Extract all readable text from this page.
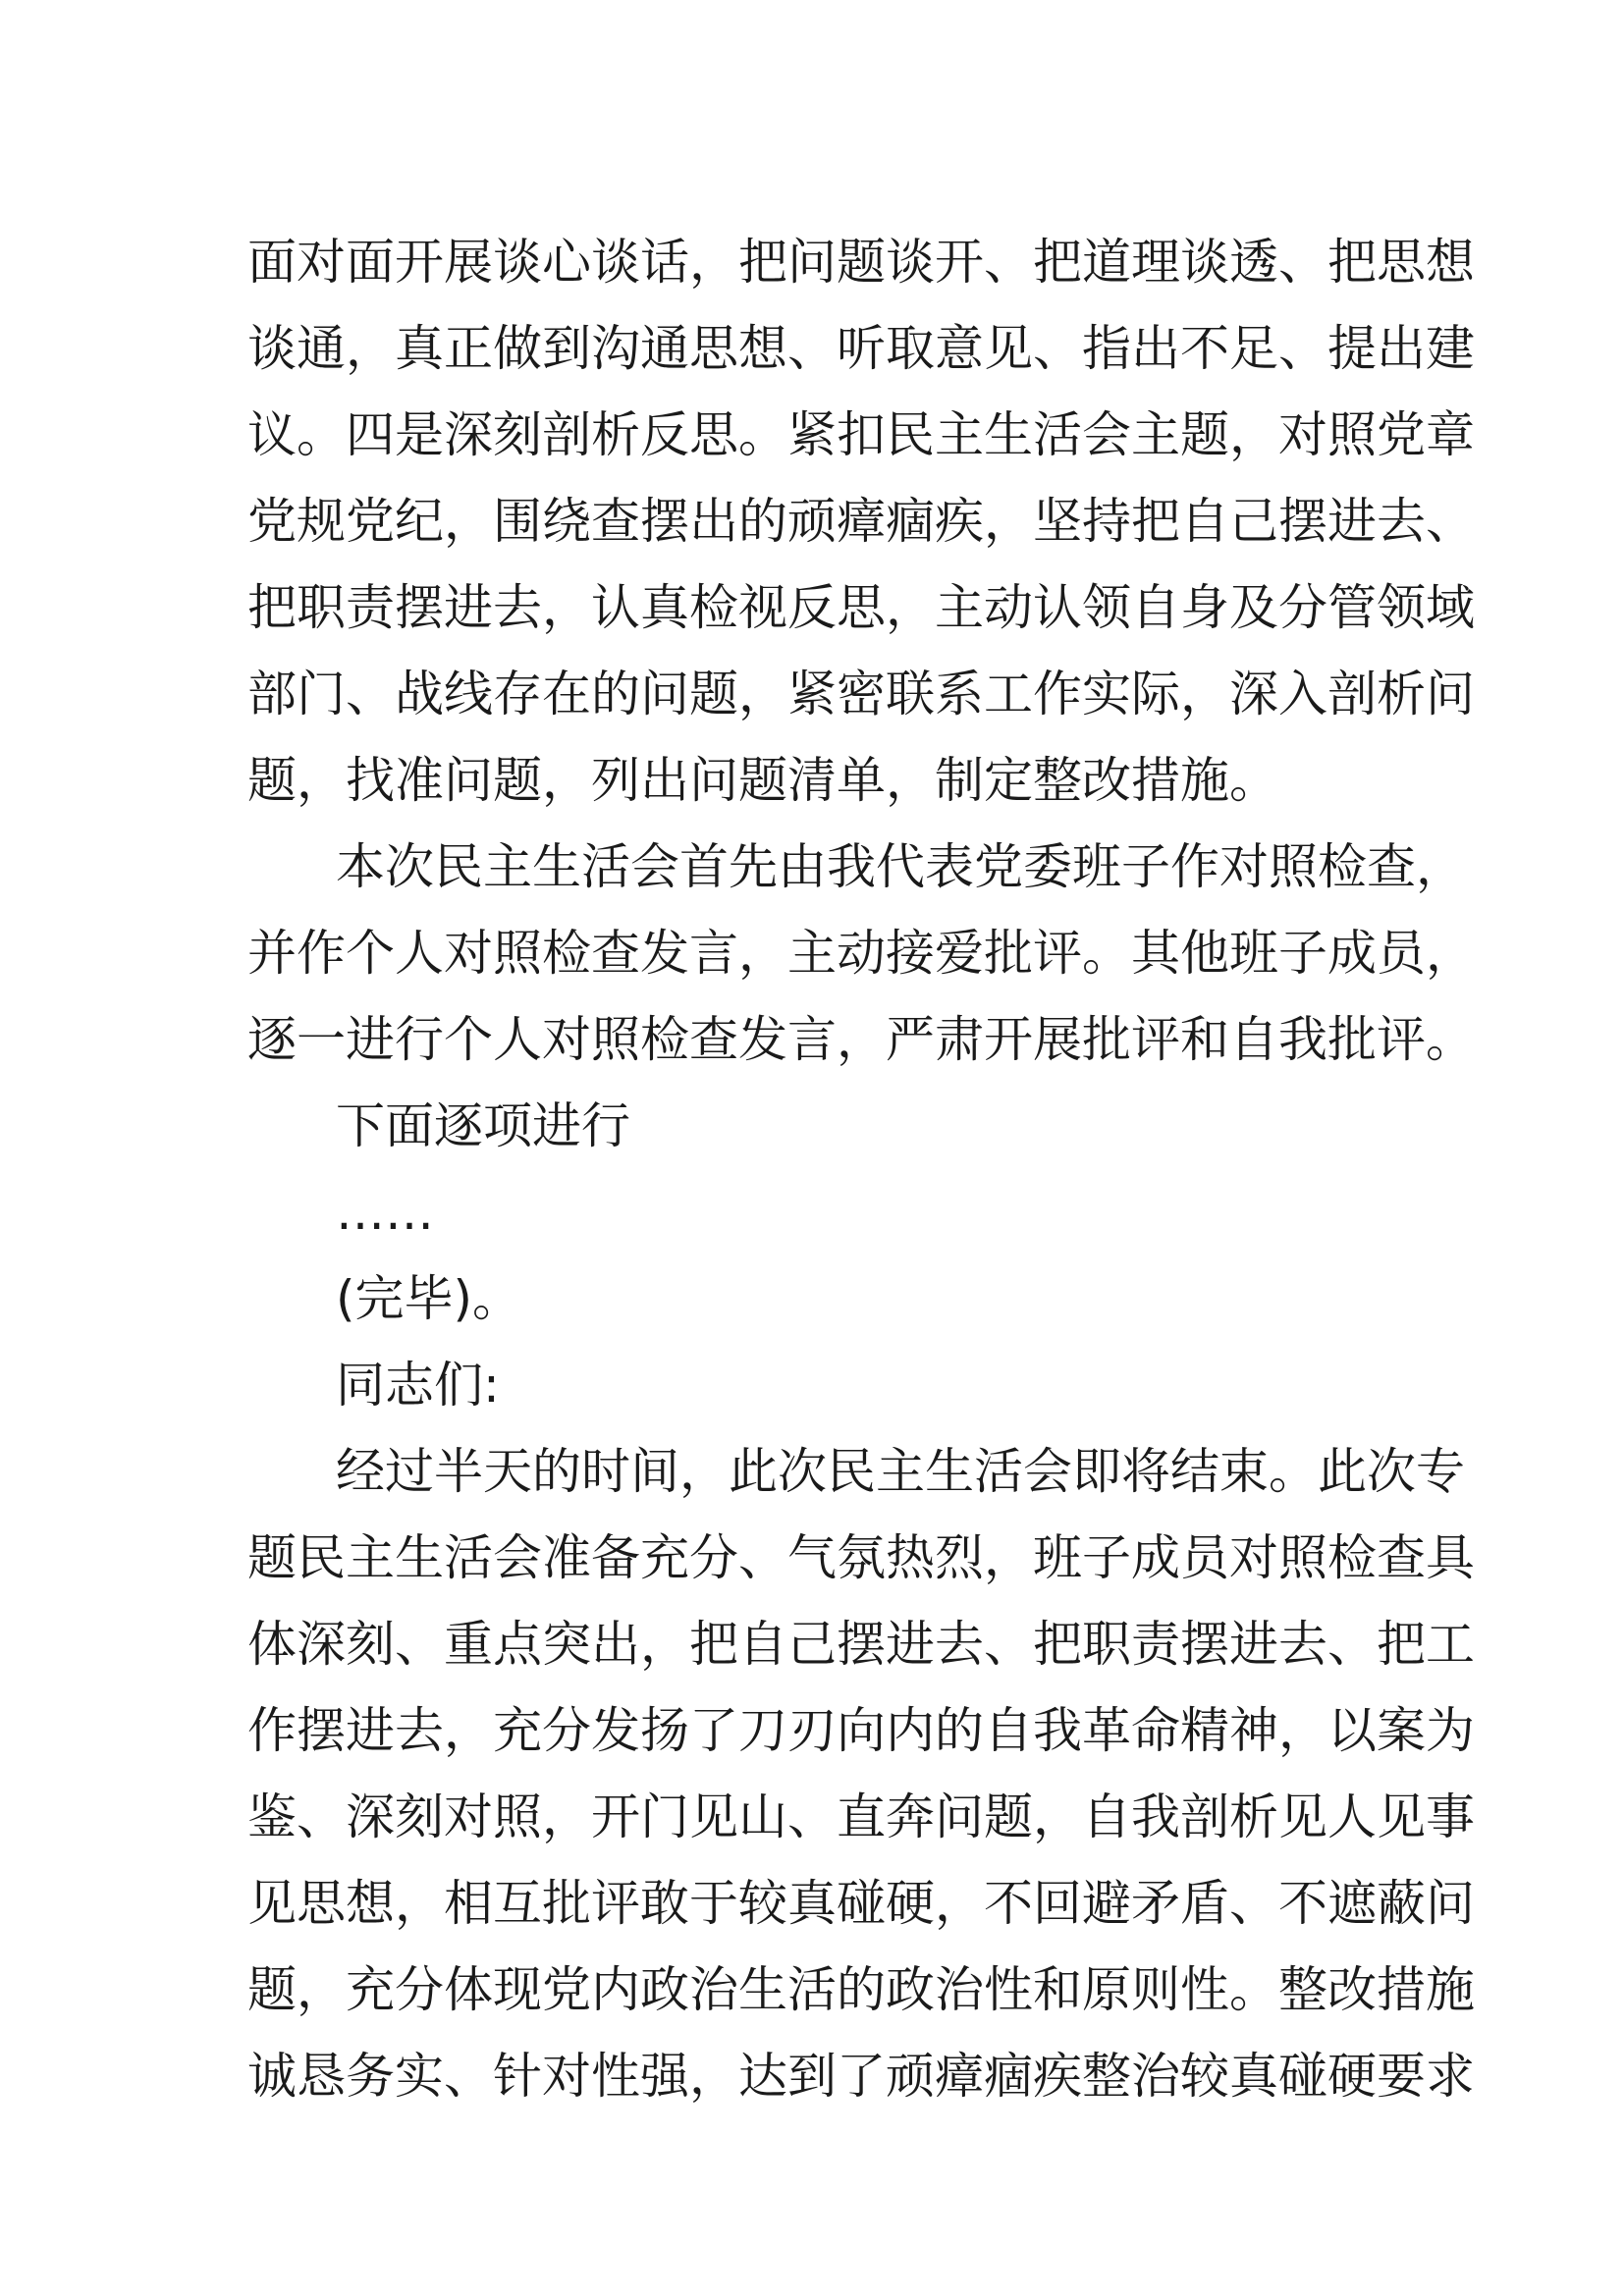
面对面开展谈心谈话，把问题谈开、把道理谈透、把思想
谈通，真正做到沟通思想、听取意见、指出不足、提出建
议。四是深刻剖析反思。紧扣民主生活会主题，对照党章
党规党纪，围绕查摆出的顽瘴痼疾，坚持把自己摆进去、
把职责摆进去，认真检视反思，主动认领自身及分管领域
部门、战线存在的问题，紧密联系工作实际，深入剖析问
题，找准问题，列出问题清单，制定整改措施。
本次民主生活会首先由我代表党委班子作对照检查，
并作个人对照检查发言，主动接爱批评。其他班子成员，
逐一进行个人对照检查发言，严肃开展批评和自我批评。
下面逐项进行
……
(完毕)。
同志们:
经过半天的时间，此次民主生活会即将结束。此次专
题民主生活会准备充分、气氛热烈，班子成员对照检查具
体深刻、重点突出，把自己摆进去、把职责摆进去、把工
作摆进去，充分发扬了刀刃向内的自我革命精神，以案为
鉴、深刻对照，开门见山、直奔问题，自我剖析见人见事
见思想，相互批评敢于较真碰硬，不回避矛盾、不遮蔽问
题，充分体现党内政治生活的政治性和原则性。整改措施
诚恳务实、针对性强，达到了顽瘴痼疾整治较真碰硬要求
